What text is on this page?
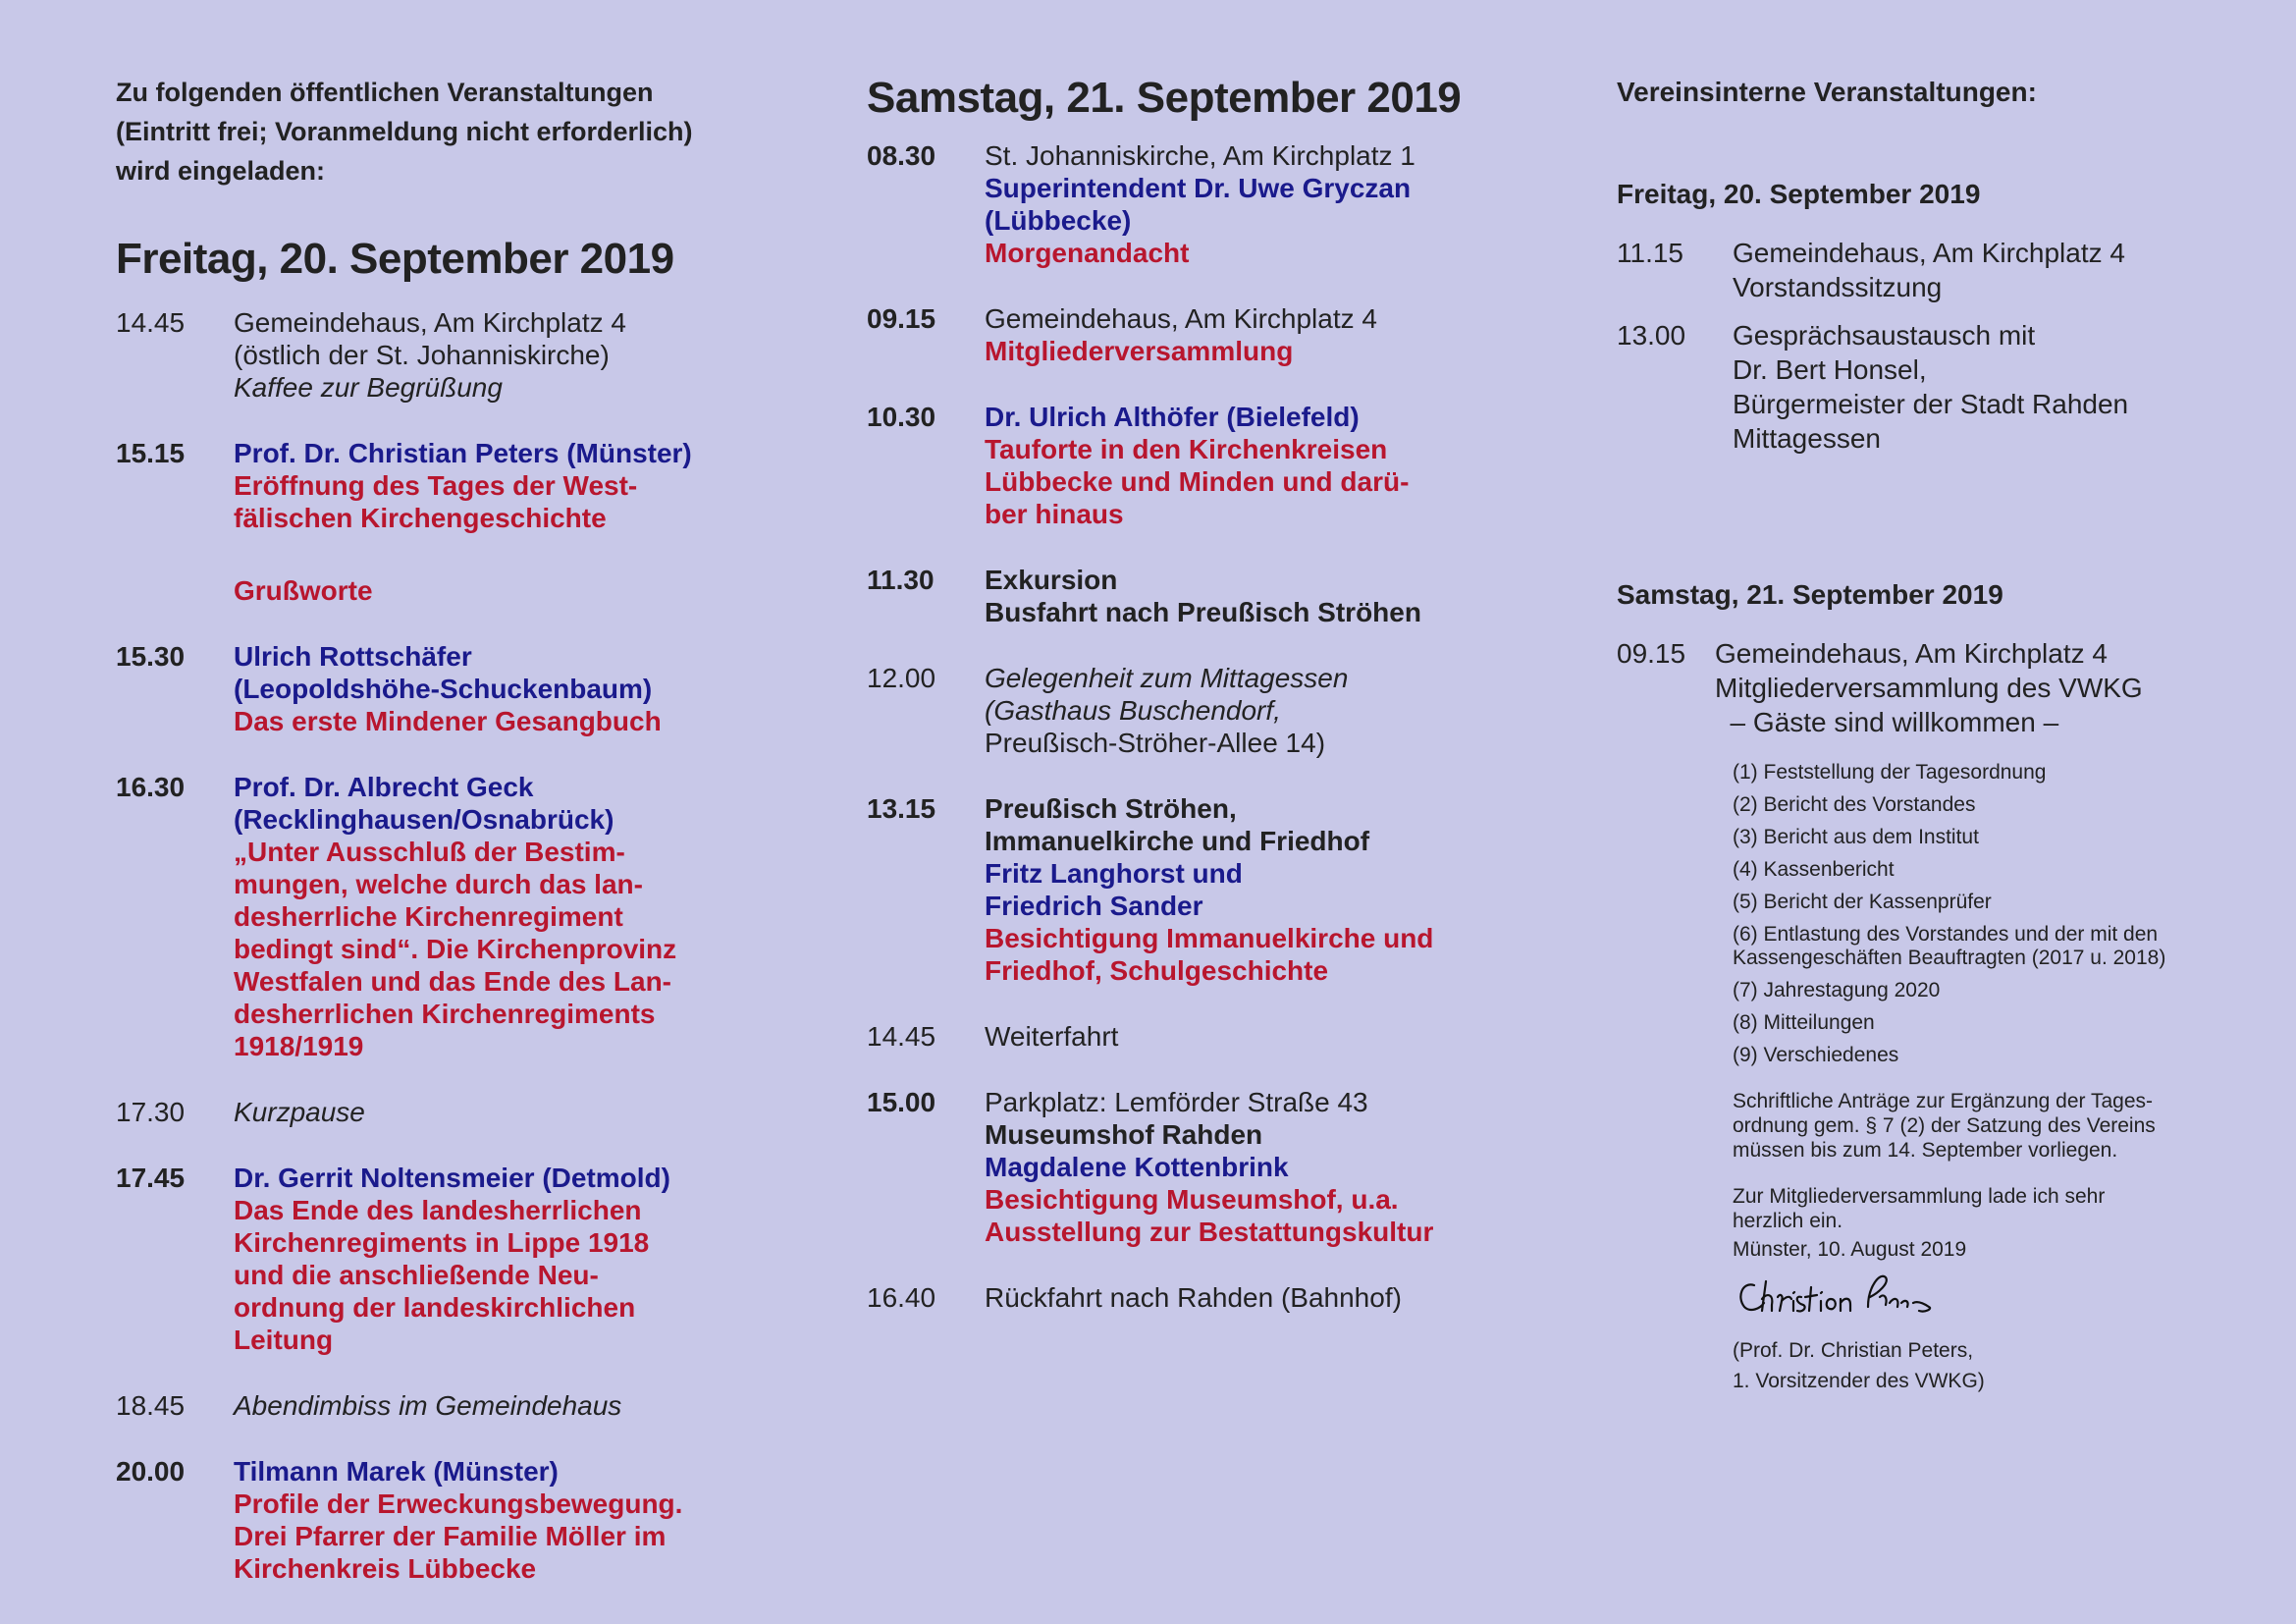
Zu folgenden öffentlichen Veranstaltungen
(Eintritt frei; Voranmeldung nicht erforderlich)
wird eingeladen:
Freitag, 20. September 2019
14.45	Gemeindehaus, Am Kirchplatz 4
(östlich der St. Johanniskirche)
Kaffee zur Begrüßung
15.15	Prof. Dr. Christian Peters (Münster)
Eröffnung des Tages der West-
fälischen Kirchengeschichte
Grußworte
15.30	Ulrich Rottschäfer
(Leopoldshöhe-Schuckenbaum)
Das erste Mindener Gesangbuch
16.30	Prof. Dr. Albrecht Geck
(Recklinghausen/Osnabrück)
„Unter Ausschluß der Bestim-
mungen, welche durch das lan-
desherrliche Kirchenregiment
bedingt sind“. Die Kirchenprovinz
Westfalen und das Ende des Lan-
desherrlichen Kirchenregiments
1918/1919
17.30	Kurzpause
17.45	Dr. Gerrit Noltensmeier (Detmold)
Das Ende des landesherrlichen
Kirchenregiments in Lippe 1918
und die anschließende Neu-
ordnung der landeskirchlichen
Leitung
18.45	Abendimbiss im Gemeindehaus
20.00	Tilmann Marek (Münster)
Profile der Erweckungsbewegung.
Drei Pfarrer der Familie Möller im
Kirchenkreis Lübbecke
Samstag, 21. September 2019
08.30	St. Johanniskirche, Am Kirchplatz 1
Superintendent Dr. Uwe Gryczan
(Lübbecke)
Morgenandacht
09.15	Gemeindehaus, Am Kirchplatz 4
Mitgliederversammlung
10.30	Dr. Ulrich Althöfer (Bielefeld)
Tauforte in den Kirchenkreisen
Lübbecke und Minden und darü-
ber hinaus
11.30	Exkursion
Busfahrt nach Preußisch Ströhen
12.00	Gelegenheit zum Mittagessen
(Gasthaus Buschendorf,
Preußisch-Ströher-Allee 14)
13.15	Preußisch Ströhen,
Immanuelkirche und Friedhof
Fritz Langhorst und
Friedrich Sander
Besichtigung Immanuelkirche und
Friedhof, Schulgeschichte
14.45	Weiterfahrt
15.00	Parkplatz: Lemförder Straße 43
Museumshof Rahden
Magdalene Kottenbrink
Besichtigung Museumshof, u.a.
Ausstellung zur Bestattungskultur
16.40	Rückfahrt nach Rahden (Bahnhof)
Vereinsinterne Veranstaltungen:
Freitag, 20. September 2019
11.15	Gemeindehaus, Am Kirchplatz 4
Vorstandssitzung
13.00	Gesprächsaustausch mit
Dr. Bert Honsel,
Bürgermeister der Stadt Rahden
Mittagessen
Samstag, 21. September 2019
09.15	Gemeindehaus, Am Kirchplatz 4
Mitgliederversammlung des VWKG
– Gäste sind willkommen –
(1) Feststellung der Tagesordnung
(2) Bericht des Vorstandes
(3) Bericht aus dem Institut
(4) Kassenbericht
(5) Bericht der Kassenprüfer
(6) Entlastung des Vorstandes und der mit den
Kassengeschäften Beauftragten (2017 u. 2018)
(7) Jahrestagung 2020
(8) Mitteilungen
(9) Verschiedenes
Schriftliche Anträge zur Ergänzung der Tages-
ordnung gem. § 7 (2) der Satzung des Vereins
müssen bis zum 14. September vorliegen.
Zur Mitgliederversammlung lade ich sehr
herzlich ein.
Münster, 10. August 2019
(Prof. Dr. Christian Peters,
1. Vorsitzender des VWKG)
